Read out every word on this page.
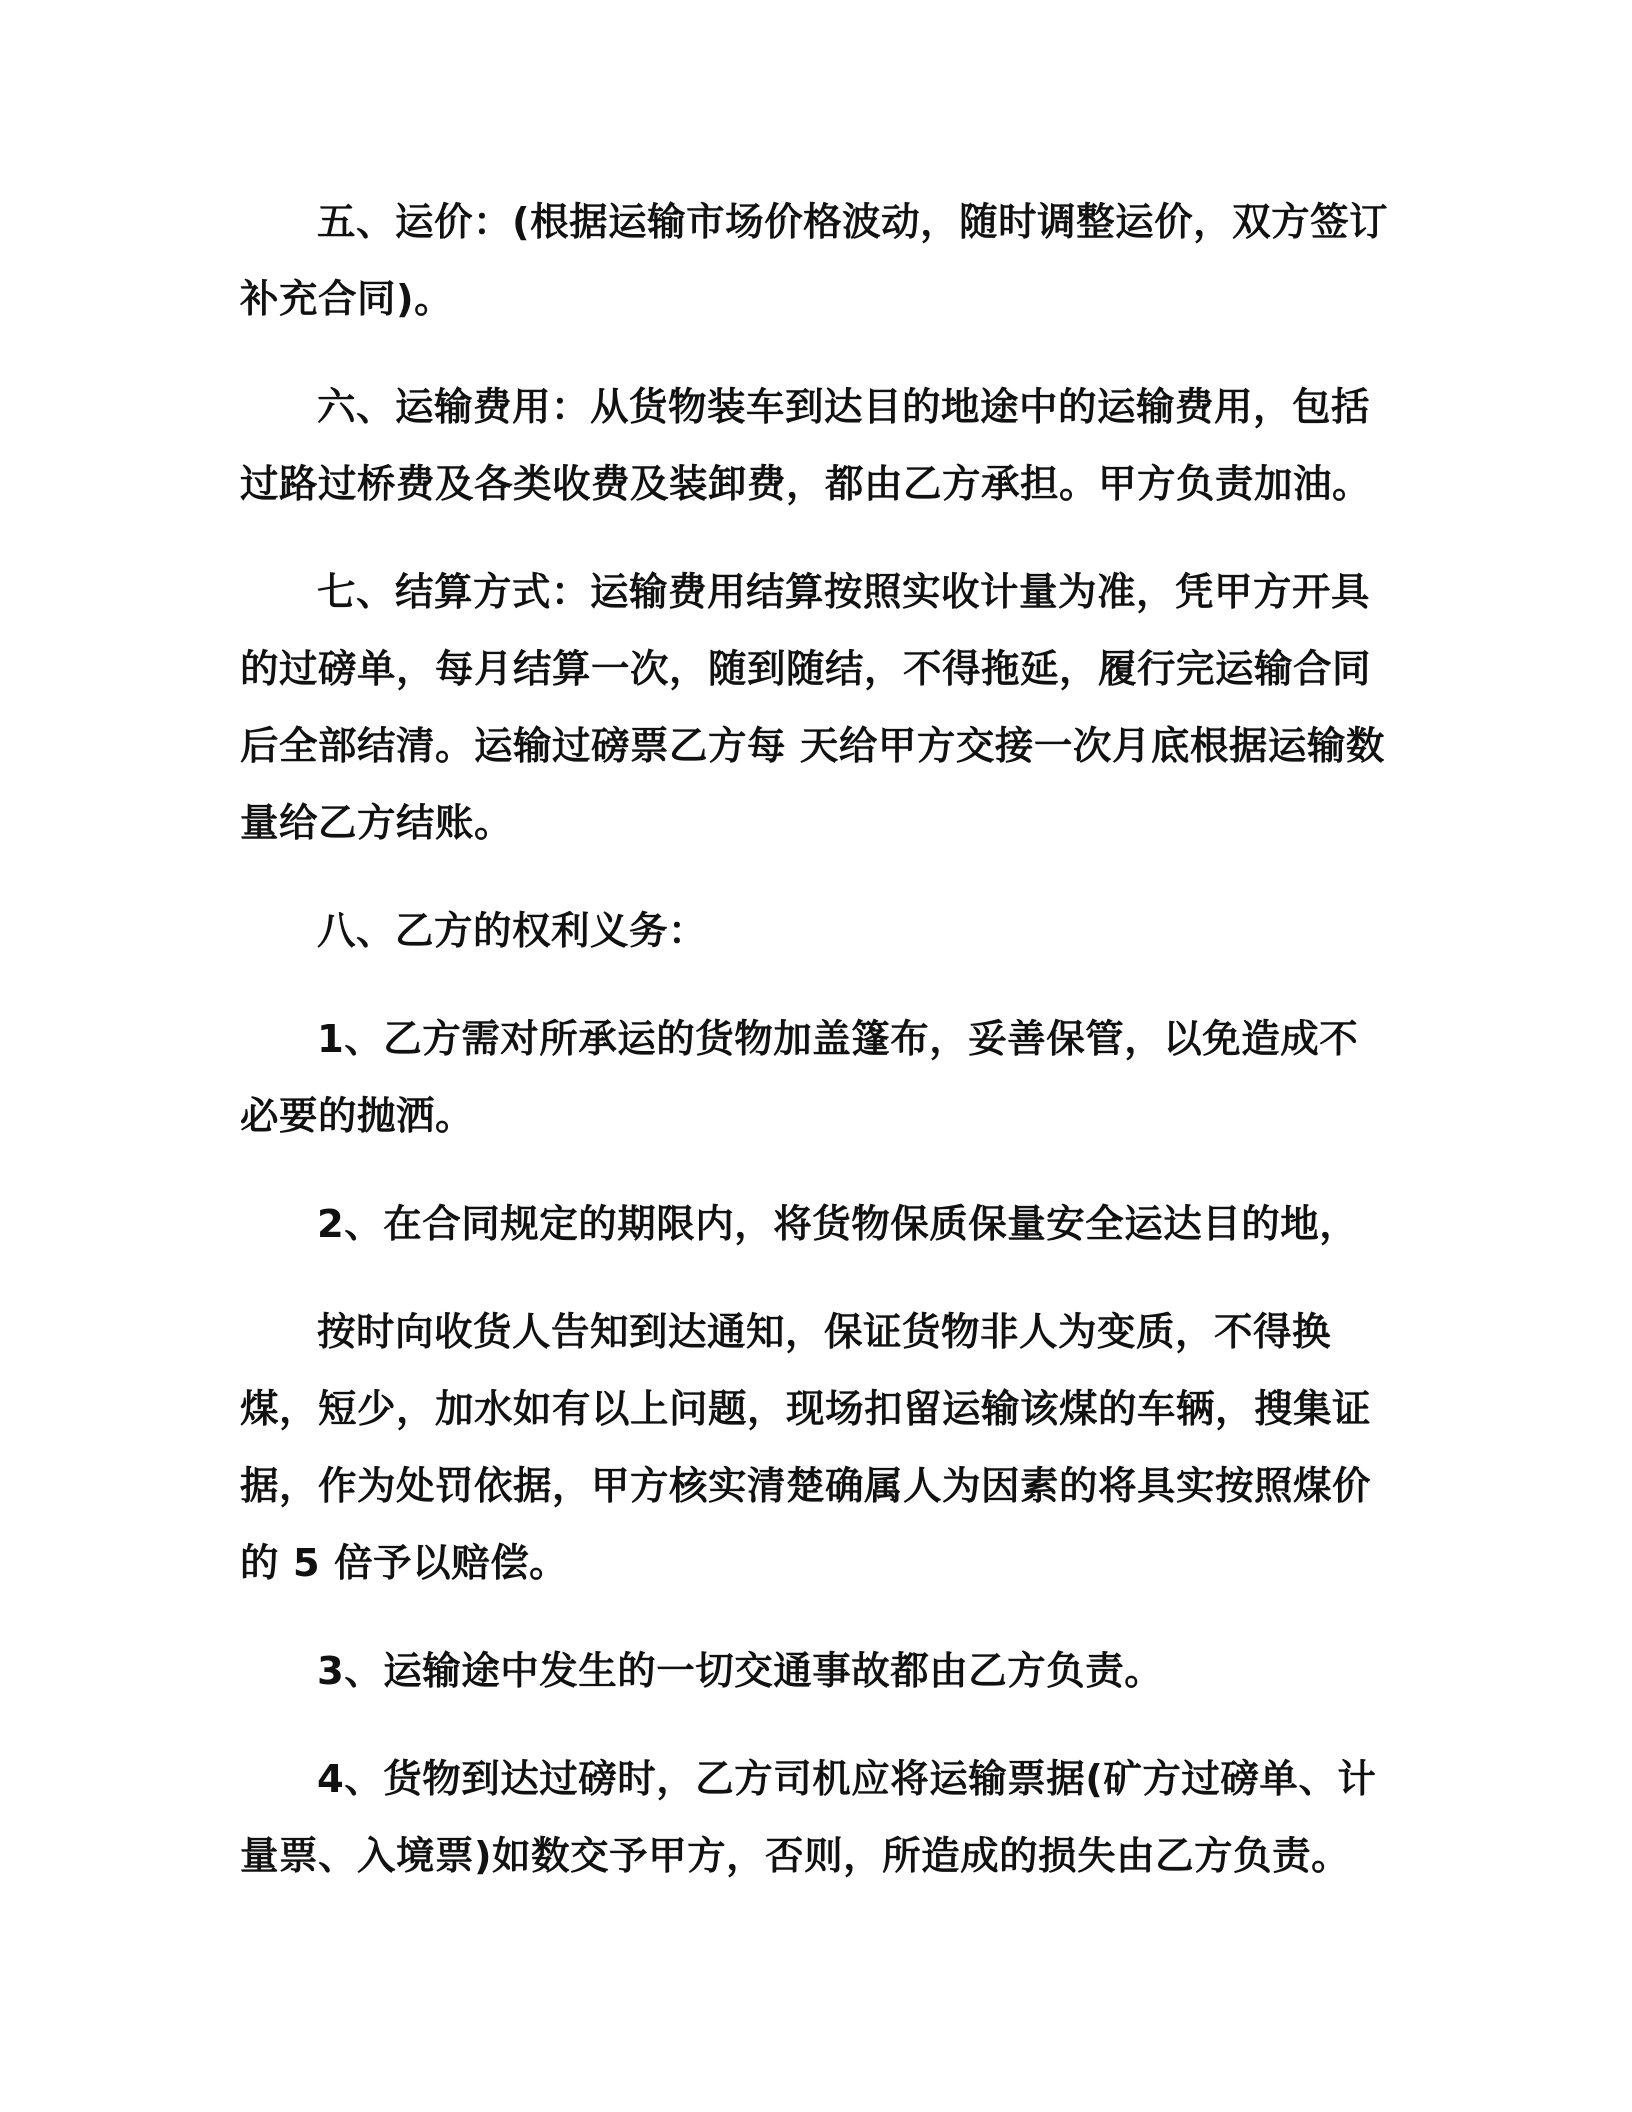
五、运价：(根据运输市场价格波动，随时调整运价，双方签订补充合同)。

六、运输费用：从货物装车到达目的地途中的运输费用，包括过路过桥费及各类收费及装卸费，都由乙方承担。甲方负责加油。

七、结算方式：运输费用结算按照实收计量为准，凭甲方开具的过磅单，每月结算一次，随到随结，不得拖延，履行完运输合同后全部结清。运输过磅票乙方每 天给甲方交接一次月底根据运输数量给乙方结账。

八、乙方的权利义务：

1、乙方需对所承运的货物加盖篷布，妥善保管，以免造成不必要的抛洒。

2、在合同规定的期限内，将货物保质保量安全运达目的地，

按时向收货人告知到达通知，保证货物非人为变质，不得换煤，短少，加水如有以上问题，现场扣留运输该煤的车辆，搜集证据，作为处罚依据，甲方核实清楚确属人为因素的将具实按照煤价的 5 倍予以赔偿。

3、运输途中发生的一切交通事故都由乙方负责。

4、货物到达过磅时，乙方司机应将运输票据(矿方过磅单、计量票、入境票)如数交予甲方，否则，所造成的损失由乙方负责。
